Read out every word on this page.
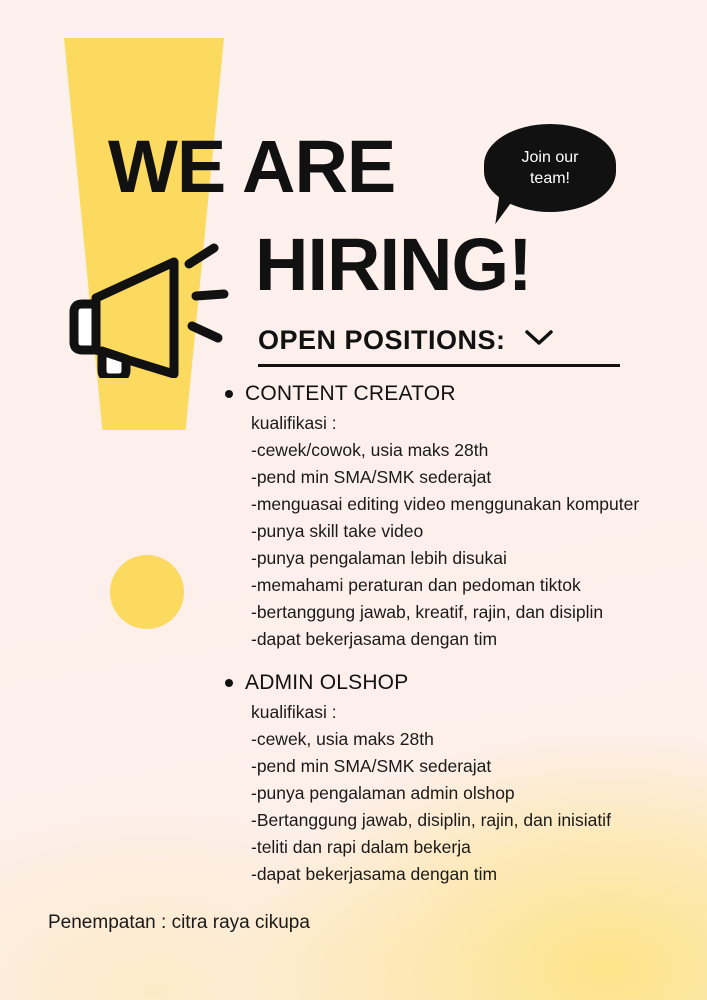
WE ARE
HIRING!
Join our
team!
OPEN POSITIONS:
CONTENT CREATOR
kualifikasi :
-cewek/cowok, usia maks 28th
-pend min SMA/SMK sederajat
-menguasai editing video menggunakan komputer
-punya skill take video
-punya pengalaman lebih disukai
-memahami peraturan dan pedoman tiktok
-bertanggung jawab, kreatif, rajin, dan disiplin
-dapat bekerjasama dengan tim
ADMIN OLSHOP
kualifikasi :
-cewek, usia maks 28th
-pend min SMA/SMK sederajat
-punya pengalaman admin olshop
-Bertanggung jawab, disiplin, rajin, dan inisiatif
-teliti dan rapi dalam bekerja
-dapat bekerjasama dengan tim
Penempatan : citra raya cikupa
